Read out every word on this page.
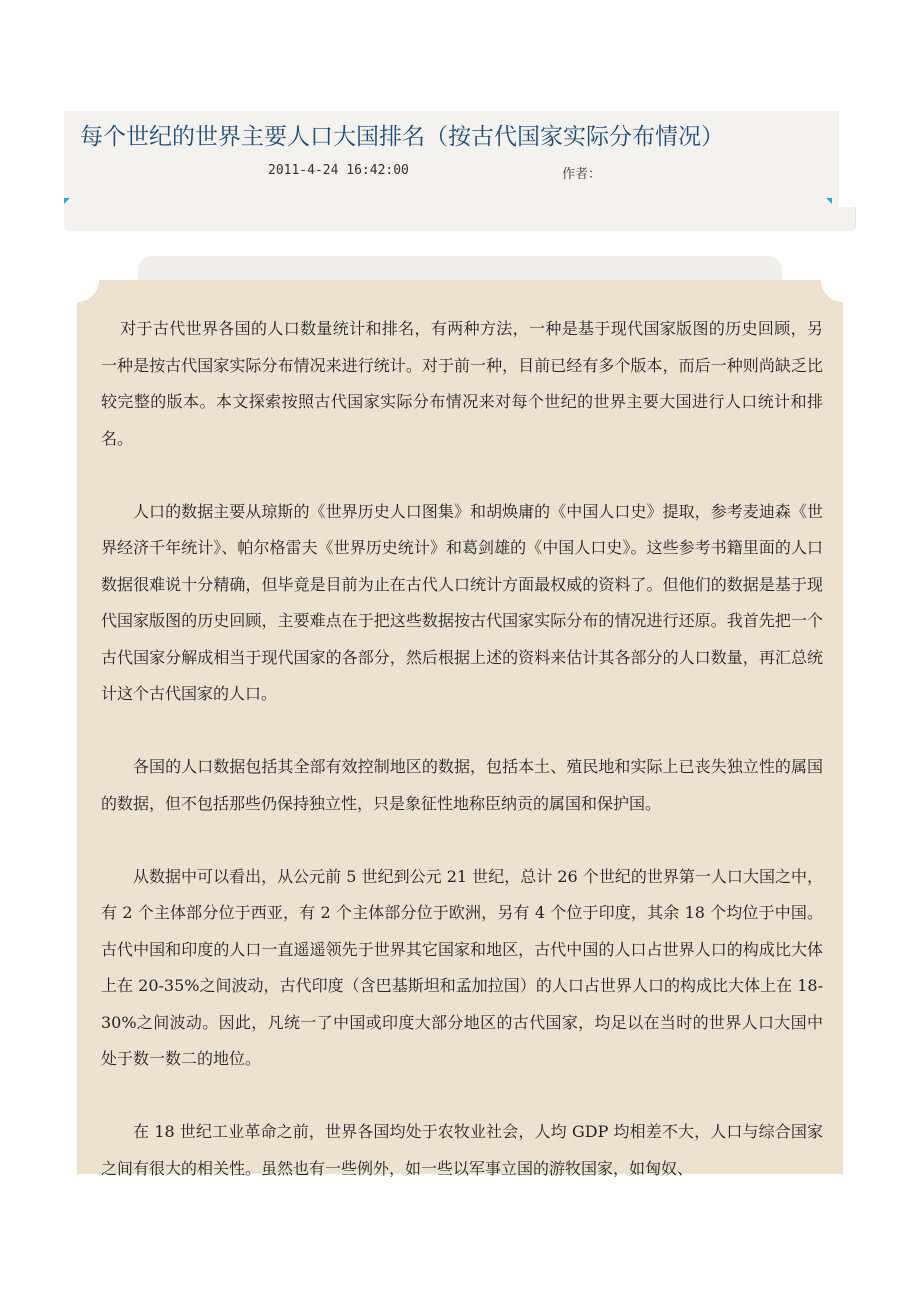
每个世纪的世界主要人口大国排名（按古代国家实际分布情况）
2011-4-24 16:42:00	作者：

对于古代世界各国的人口数量统计和排名，有两种方法，一种是基于现代国家版图的历史回顾，另一种是按古代国家实际分布情况来进行统计。对于前一种，目前已经有多个版本，而后一种则尚缺乏比较完整的版本。本文探索按照古代国家实际分布情况来对每个世纪的世界主要大国进行人口统计和排名。

人口的数据主要从琼斯的《世界历史人口图集》和胡焕庸的《中国人口史》提取，参考麦迪森《世界经济千年统计》、帕尔格雷夫《世界历史统计》和葛剑雄的《中国人口史》。这些参考书籍里面的人口数据很难说十分精确，但毕竟是目前为止在古代人口统计方面最权威的资料了。但他们的数据是基于现代国家版图的历史回顾，主要难点在于把这些数据按古代国家实际分布的情况进行还原。我首先把一个古代国家分解成相当于现代国家的各部分，然后根据上述的资料来估计其各部分的人口数量，再汇总统计这个古代国家的人口。

各国的人口数据包括其全部有效控制地区的数据，包括本土、殖民地和实际上已丧失独立性的属国的数据，但不包括那些仍保持独立性，只是象征性地称臣纳贡的属国和保护国。

从数据中可以看出，从公元前 5 世纪到公元 21 世纪，总计 26 个世纪的世界第一人口大国之中，有 2 个主体部分位于西亚，有 2 个主体部分位于欧洲，另有 4 个位于印度，其余 18 个均位于中国。古代中国和印度的人口一直遥遥领先于世界其它国家和地区，古代中国的人口占世界人口的构成比大体上在 20-35%之间波动，古代印度（含巴基斯坦和孟加拉国）的人口占世界人口的构成比大体上在 18-30%之间波动。因此，凡统一了中国或印度大部分地区的古代国家，均足以在当时的世界人口大国中处于数一数二的地位。

在 18 世纪工业革命之前，世界各国均处于农牧业社会，人均 GDP 均相差不大，人口与综合国家之间有很大的相关性。虽然也有一些例外，如一些以军事立国的游牧国家，如匈奴、
